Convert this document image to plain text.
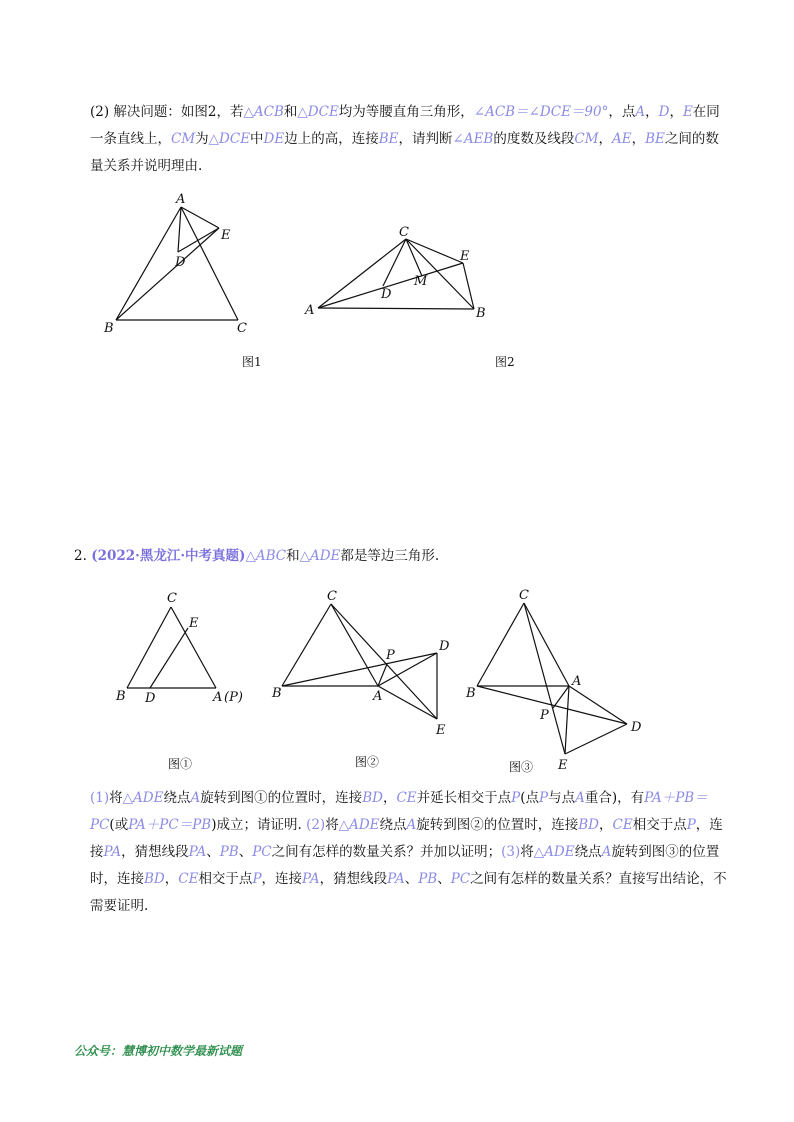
(2) 解决问题：如图2，若△ACB和△DCE均为等腰直角三角形，∠ACB＝∠DCE＝90°，点A，D，E在同一条直线上，CM为△DCE中DE边上的高，连接BE，请判断∠AEB的度数及线段CM，AE，BE之间的数量关系并说明理由.
A
B	C
D
E
图1
C
A	B
D
E
M
图2
C
E
B D	A (P)
图①
C
P
D
B	A
E
图②
C
A
B
P
D
E
图③
2. (2022·黑龙江·中考真题)△ABC和△ADE都是等边三角形.
(1)将△ADE绕点A旋转到图①的位置时，连接BD，CE并延长相交于点P(点P与点A重合)，有PA＋PB＝PC(或PA＋PC＝PB)成立；请证明. (2)将△ADE绕点A旋转到图②的位置时，连接BD，CE相交于点P，连接PA，猜想线段PA、PB、PC之间有怎样的数量关系？并加以证明；(3)将△ADE绕点A旋转到图③的位置时，连接BD，CE相交于点P，连接PA，猜想线段PA、PB、PC之间有怎样的数量关系？直接写出结论，不需要证明.
公众号：慧博初中数学最新试题
